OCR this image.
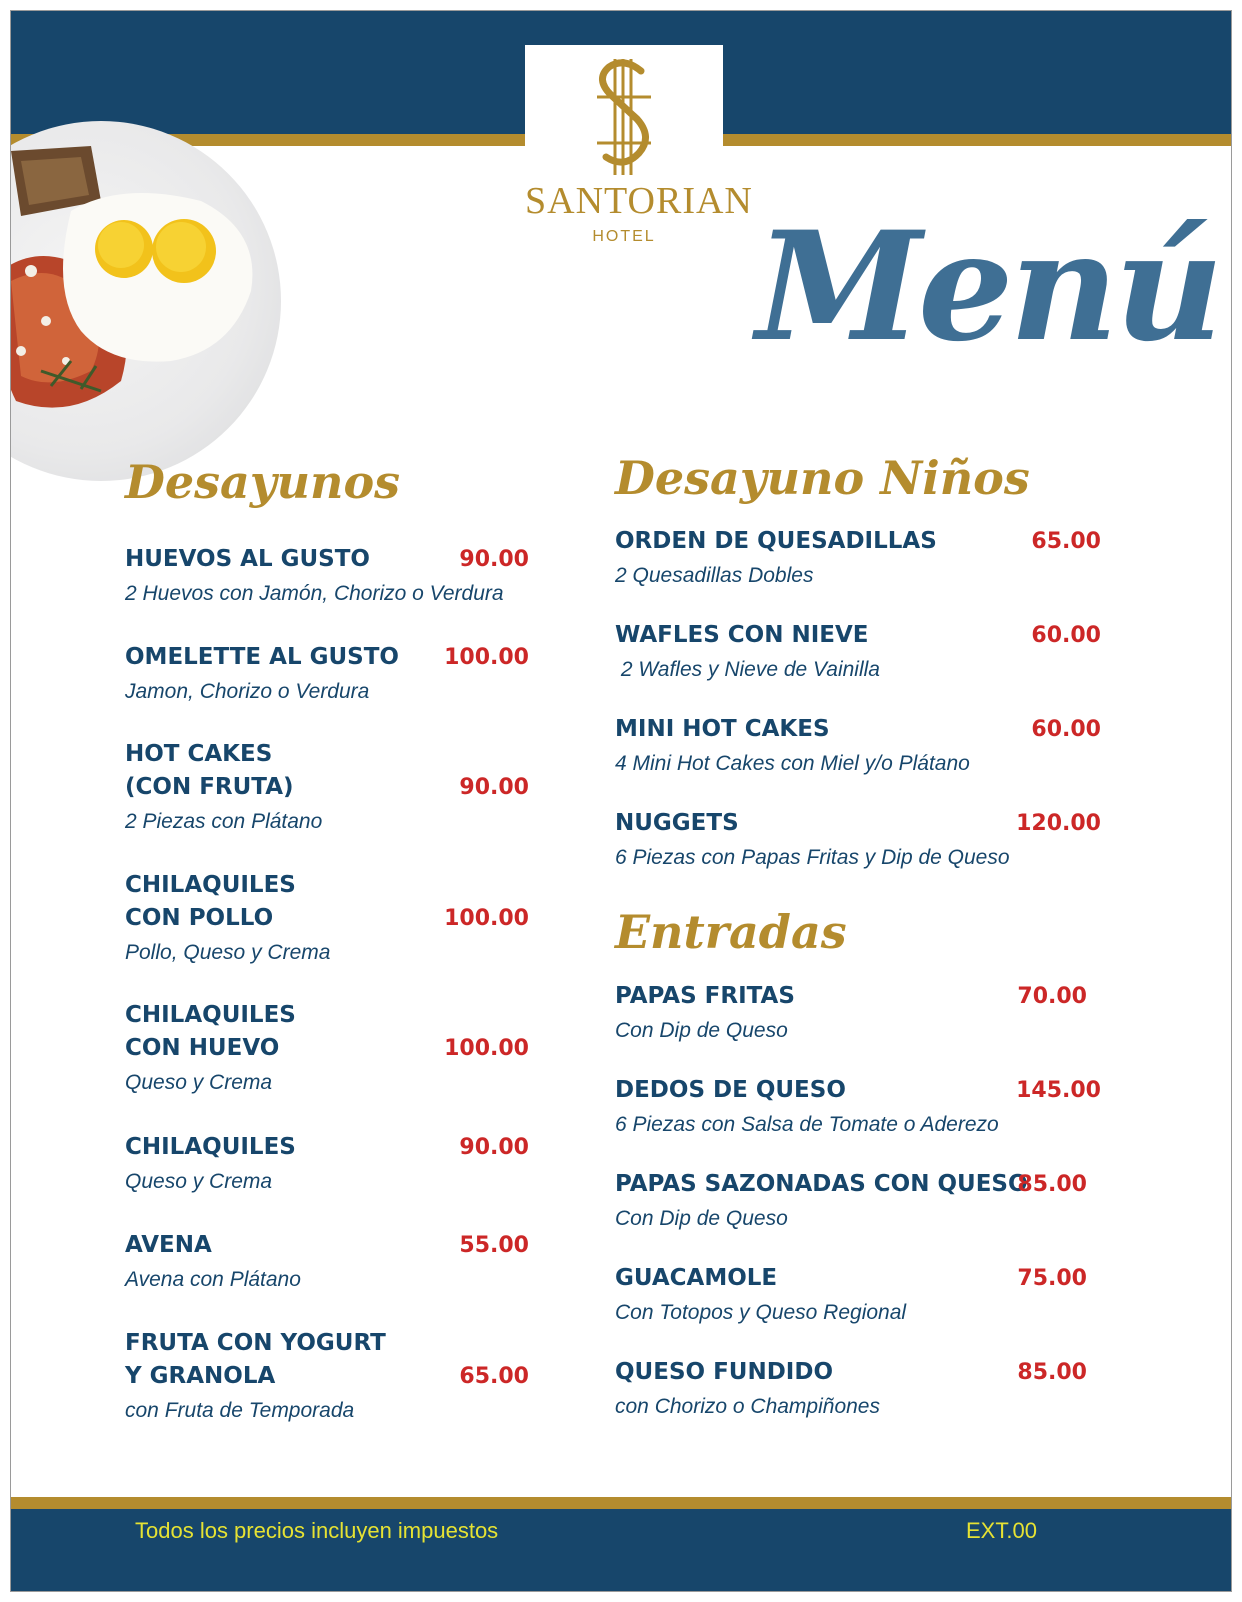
SANTORIAN
HOTEL Menú
Desayunos	Desayuno Niños
Entradas
HUEVOS AL GUSTO
2 Huevos con Jamón, Chorizo o Verdura
90.00
OMELETTE AL GUSTO
Jamon, Chorizo o Verdura
100.00
HOT CAKES
(CON FRUTA)
2 Piezas con Plátano
90.00
CHILAQUILES
CON POLLO
Pollo, Queso y Crema
100.00
CHILAQUILES
CON HUEVO
Queso y Crema
100.00
CHILAQUILES
Queso y Crema
90.00
AVENA
Avena con Plátano
55.00
FRUTA CON YOGURT
Y GRANOLA
con Fruta de Temporada
65.00
ORDEN DE QUESADILLAS
2 Quesadillas Dobles
65.00
WAFLES CON NIEVE
2 Wafles y Nieve de Vainilla
60.00
MINI HOT CAKES
4 Mini Hot Cakes con Miel y/o Plátano
60.00
NUGGETS
6 Piezas con Papas Fritas y Dip de Queso
120.00
PAPAS FRITAS
Con Dip de Queso
70.00
DEDOS DE QUESO
6 Piezas con Salsa de Tomate o Aderezo
145.00
PAPAS SAZONADAS CON QUESO
Con Dip de Queso
85.00
GUACAMOLE
Con Totopos y Queso Regional
75.00
QUESO FUNDIDO
con Chorizo o Champiñones
85.00
Todos los precios incluyen impuestos	EXT.00
